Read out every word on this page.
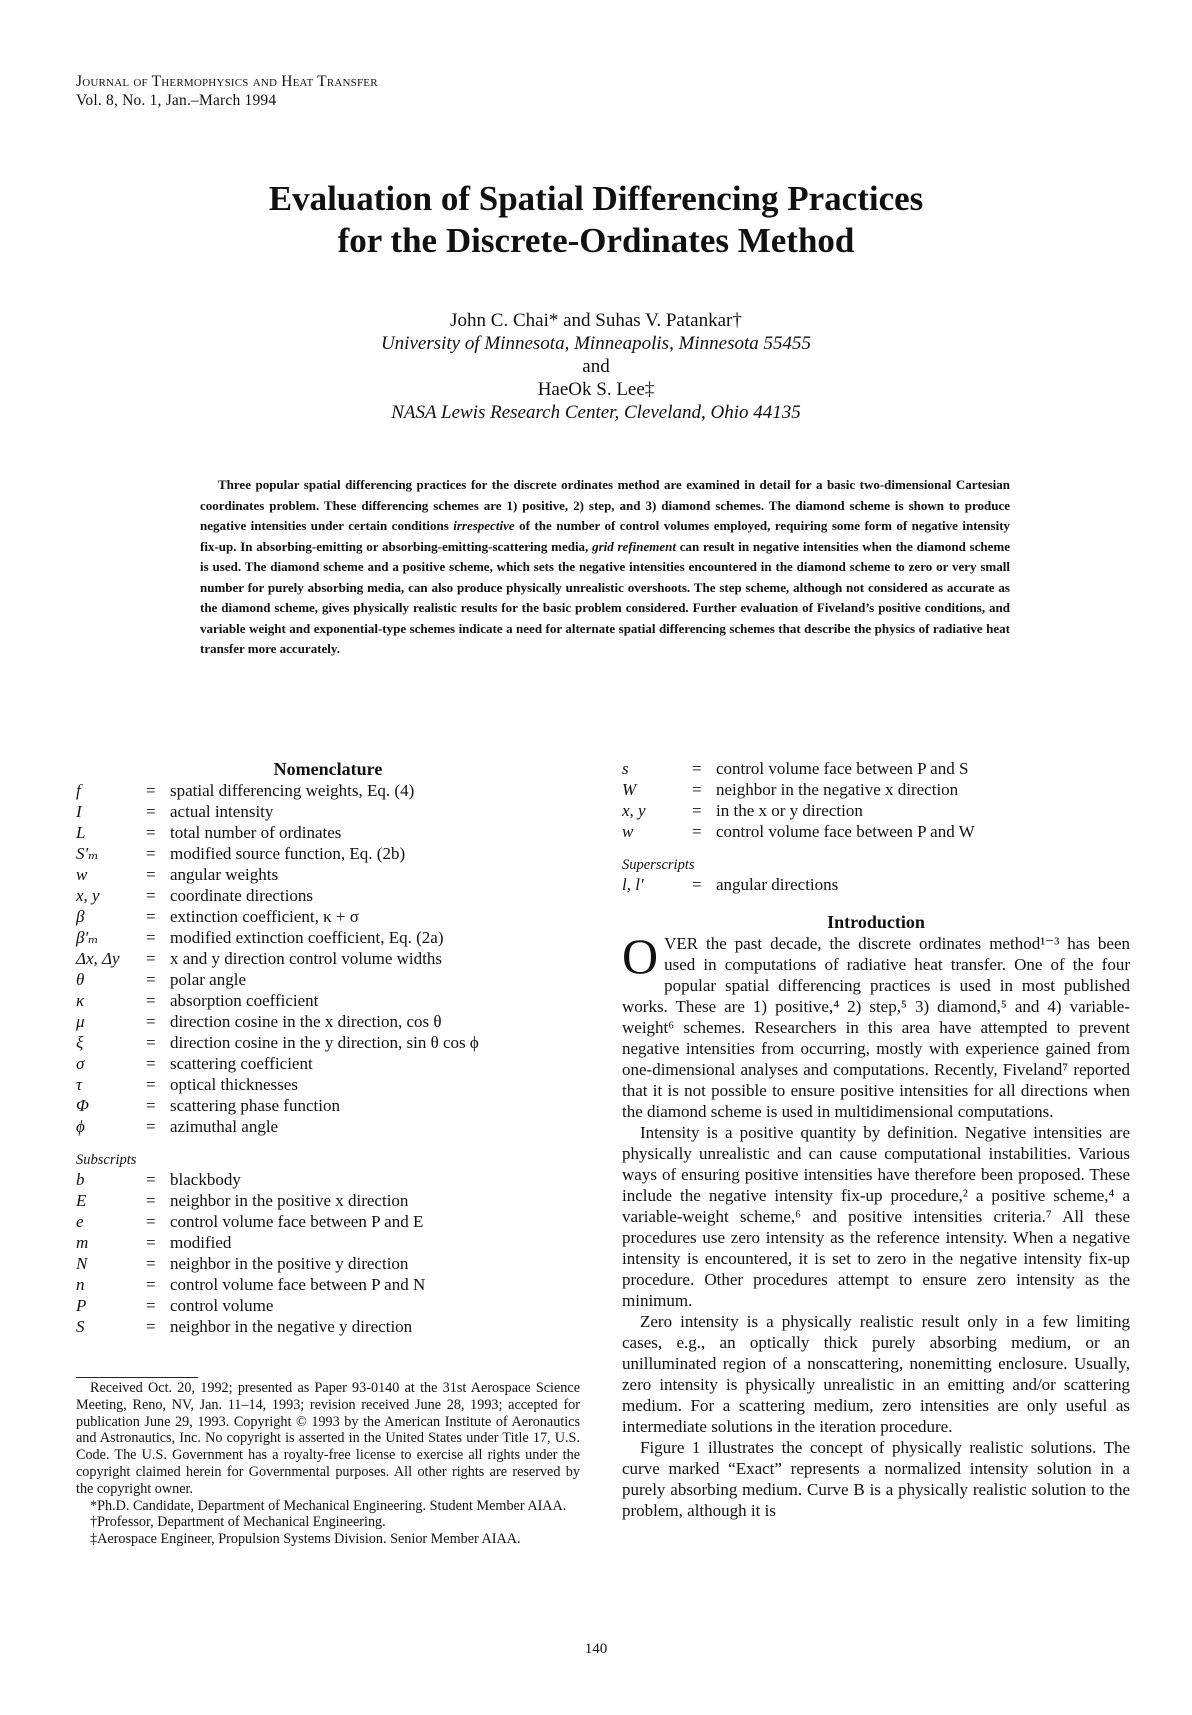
Journal of Thermophysics and Heat Transfer
Vol. 8, No. 1, Jan.–March 1994
Evaluation of Spatial Differencing Practices
for the Discrete-Ordinates Method
John C. Chai* and Suhas V. Patankar†
University of Minnesota, Minneapolis, Minnesota 55455
and
HaeOk S. Lee‡
NASA Lewis Research Center, Cleveland, Ohio 44135
Three popular spatial differencing practices for the discrete ordinates method are examined in detail for a basic two-dimensional Cartesian coordinates problem. These differencing schemes are 1) positive, 2) step, and 3) diamond schemes. The diamond scheme is shown to produce negative intensities under certain conditions irrespective of the number of control volumes employed, requiring some form of negative intensity fix-up. In absorbing-emitting or absorbing-emitting-scattering media, grid refinement can result in negative intensities when the diamond scheme is used. The diamond scheme and a positive scheme, which sets the negative intensities encountered in the diamond scheme to zero or very small number for purely absorbing media, can also produce physically unrealistic overshoots. The step scheme, although not considered as accurate as the diamond scheme, gives physically realistic results for the basic problem considered. Further evaluation of Fiveland’s positive conditions, and variable weight and exponential-type schemes indicate a need for alternate spatial differencing schemes that describe the physics of radiative heat transfer more accurately.
Nomenclature
f	= spatial differencing weights, Eq. (4)
I	= actual intensity
L	= total number of ordinates
S′ₘ	= modified source function, Eq. (2b)
w	= angular weights
x, y	= coordinate directions
β	= extinction coefficient, κ + σ
β′ₘ	= modified extinction coefficient, Eq. (2a)
Δx, Δy	= x and y direction control volume widths
θ	= polar angle
κ	= absorption coefficient
μ	= direction cosine in the x direction, cos θ
ξ	= direction cosine in the y direction, sin θ cos ϕ
σ	= scattering coefficient
τ	= optical thicknesses
Φ	= scattering phase function
ϕ	= azimuthal angle
Subscripts
b	= blackbody
E	= neighbor in the positive x direction
e	= control volume face between P and E
m	= modified
N	= neighbor in the positive y direction
n	= control volume face between P and N
P	= control volume
S	= neighbor in the negative y direction

Received Oct. 20, 1992; presented as Paper 93-0140 at the 31st Aerospace Science Meeting, Reno, NV, Jan. 11–14, 1993; revision received June 28, 1993; accepted for publication June 29, 1993. Copyright © 1993 by the American Institute of Aeronautics and Astronautics, Inc. No copyright is asserted in the United States under Title 17, U.S. Code. The U.S. Government has a royalty-free license to exercise all rights under the copyright claimed herein for Governmental purposes. All other rights are reserved by the copyright owner.

*Ph.D. Candidate, Department of Mechanical Engineering. Student Member AIAA.

†Professor, Department of Mechanical Engineering.

‡Aerospace Engineer, Propulsion Systems Division. Senior Member AIAA.

s	= control volume face between P and S
W	= neighbor in the negative x direction
x, y	= in the x or y direction
w	= control volume face between P and W
Superscripts
l, l′	= angular directions
Introduction

OVER the past decade, the discrete ordinates method¹⁻³ has been used in computations of radiative heat transfer. One of the four popular spatial differencing practices is used in most published works. These are 1) positive,⁴ 2) step,⁵ 3) diamond,⁵ and 4) variable-weight⁶ schemes. Researchers in this area have attempted to prevent negative intensities from occurring, mostly with experience gained from one-dimensional analyses and computations. Recently, Fiveland⁷ reported that it is not possible to ensure positive intensities for all directions when the diamond scheme is used in multidimensional computations.

Intensity is a positive quantity by definition. Negative intensities are physically unrealistic and can cause computational instabilities. Various ways of ensuring positive intensities have therefore been proposed. These include the negative intensity fix-up procedure,² a positive scheme,⁴ a variable-weight scheme,⁶ and positive intensities criteria.⁷ All these procedures use zero intensity as the reference intensity. When a negative intensity is encountered, it is set to zero in the negative intensity fix-up procedure. Other procedures attempt to ensure zero intensity as the minimum.

Zero intensity is a physically realistic result only in a few limiting cases, e.g., an optically thick purely absorbing medium, or an unilluminated region of a nonscattering, nonemitting enclosure. Usually, zero intensity is physically unrealistic in an emitting and/or scattering medium. For a scattering medium, zero intensities are only useful as intermediate solutions in the iteration procedure.

Figure 1 illustrates the concept of physically realistic solutions. The curve marked “Exact” represents a normalized intensity solution in a purely absorbing medium. Curve B is a physically realistic solution to the problem, although it is

140
